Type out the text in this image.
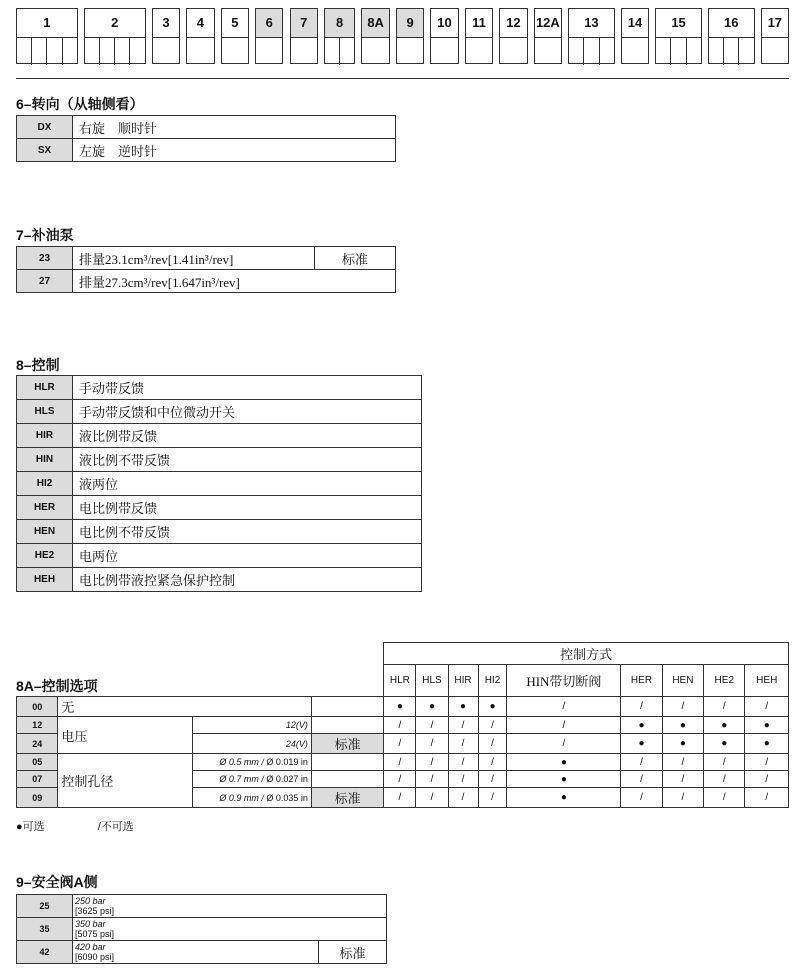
1	2	3	4	5	6	7	8	8A	9	10	11	12	12A	13	14	15	16	17
6–转向（从轴侧看）
DX	右旋　顺时针
SX	左旋　逆时针
7–补油泵
23	排量23.1cm³/rev[1.41in³/rev]	标准
27	排量27.3cm³/rev[1.647in³/rev]	
8–控制
HLR	手动带反馈
HLS	手动带反馈和中位微动开关
HIR	液比例带反馈
HIN	液比例不带反馈
HI2	液两位
HER	电比例带反馈
HEN	电比例不带反馈
HE2	电两位
HEH	电比例带液控紧急保护控制
8A–控制选项
				控制方式								
				HLR	HLS	HIR	HI2	HIN带切断阀	HER	HEN	HE2	HEH
00	无			●	●	●	●	/	/	/	/	/
12	电压	12(V)		/	/	/	/	/	●	●	●	●
24		24(V)	标准	/	/	/	/	/	●	●	●	●
05	控制孔径	Ø 0.5 mm / Ø 0.019 in		/	/	/	/	●	/	/	/	/
07		Ø 0.7 mm / Ø 0.027 in		/	/	/	/	●	/	/	/	/
09		Ø 0.9 mm / Ø 0.035 in	标准	/	/	/	/	●	/	/	/	/
●可选	/不可选
9–安全阀A侧
25	250 bar
[3625 psi]	
35	350 bar
[5075 psi]	
42	420 bar
[6090 psi]	标准
